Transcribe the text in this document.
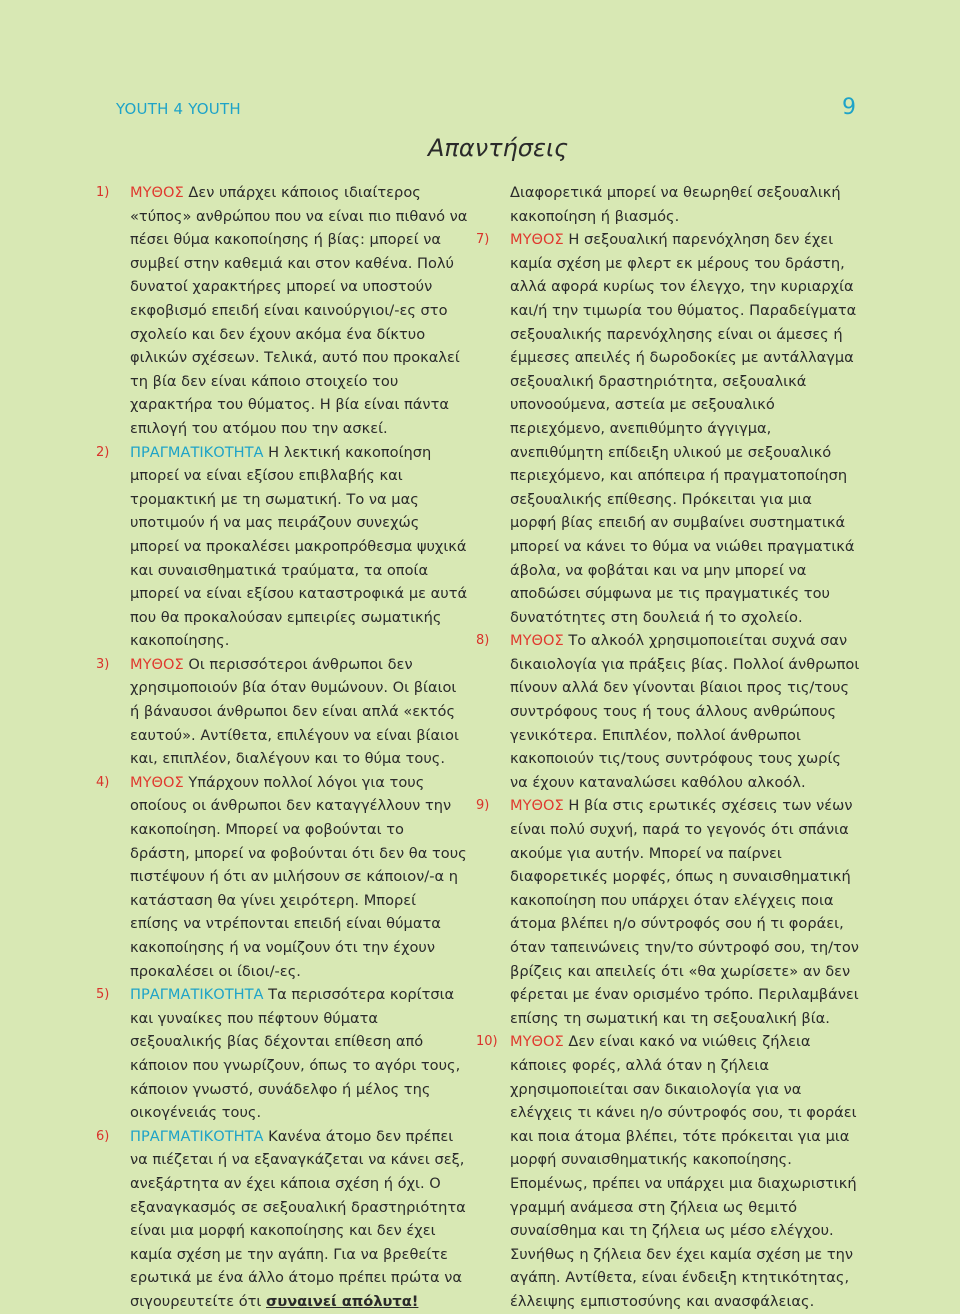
YOUTH 4 YOUTH	9
Απαντήσεις

1) ΜΥΘΟΣ Δεν υπάρχει κάποιος ιδιαίτερος «τύπος» ανθρώπου που να είναι πιο πιθανό να πέσει θύμα κακοποίησης ή βίας: μπορεί να συμβεί στην καθεμιά και στον καθένα. Πολύ δυνατοί χαρακτήρες μπορεί να υποστούν εκφοβισμό επειδή είναι καινούργιοι/-ες στο σχολείο και δεν έχουν ακόμα ένα δίκτυο φιλικών σχέσεων. Τελικά, αυτό που προκαλεί τη βία δεν είναι κάποιο στοιχείο του χαρακτήρα του θύματος. Η βία είναι πάντα επιλογή του ατόμου που την ασκεί.

2) ΠΡΑΓΜΑΤΙΚΟΤΗΤΑ Η λεκτική κακοποίηση μπορεί να είναι εξίσου επιβλαβής και τρομακτική με τη σωματική. Το να μας υποτιμούν ή να μας πειράζουν συνεχώς μπορεί να προκαλέσει μακροπρόθεσμα ψυχικά και συναισθηματικά τραύματα, τα οποία μπορεί να είναι εξίσου καταστροφικά με αυτά που θα προκαλούσαν εμπειρίες σωματικής κακοποίησης.

3) ΜΥΘΟΣ Οι περισσότεροι άνθρωποι δεν χρησιμοποιούν βία όταν θυμώνουν. Οι βίαιοι ή βάναυσοι άνθρωποι δεν είναι απλά «εκτός εαυτού». Αντίθετα, επιλέγουν να είναι βίαιοι και, επιπλέον, διαλέγουν και το θύμα τους.

4) ΜΥΘΟΣ Υπάρχουν πολλοί λόγοι για τους οποίους οι άνθρωποι δεν καταγγέλλουν την κακοποίηση. Μπορεί να φοβούνται το δράστη, μπορεί να φοβούνται ότι δεν θα τους πιστέψουν ή ότι αν μιλήσουν σε κάποιον/-α η κατάσταση θα γίνει χειρότερη. Μπορεί επίσης να ντρέπονται επειδή είναι θύματα κακοποίησης ή να νομίζουν ότι την έχουν προκαλέσει οι ίδιοι/-ες.

5) ΠΡΑΓΜΑΤΙΚΟΤΗΤΑ Τα περισσότερα κορίτσια και γυναίκες που πέφτουν θύματα σεξουαλικής βίας δέχονται επίθεση από κάποιον που γνωρίζουν, όπως το αγόρι τους, κάποιον γνωστό, συνάδελφο ή μέλος της οικογένειάς τους.

6) ΠΡΑΓΜΑΤΙΚΟΤΗΤΑ Κανένα άτομο δεν πρέπει να πιέζεται ή να εξαναγκάζεται να κάνει σεξ, ανεξάρτητα αν έχει κάποια σχέση ή όχι. Ο εξαναγκασμός σε σεξουαλική δραστηριότητα είναι μια μορφή κακοποίησης και δεν έχει καμία σχέση με την αγάπη. Για να βρεθείτε ερωτικά με ένα άλλο άτομο πρέπει πρώτα να σιγουρευτείτε ότι συναινεί απόλυτα!

Διαφορετικά μπορεί να θεωρηθεί σεξουαλική κακοποίηση ή βιασμός.

7) ΜΥΘΟΣ Η σεξουαλική παρενόχληση δεν έχει καμία σχέση με φλερτ εκ μέρους του δράστη, αλλά αφορά κυρίως τον έλεγχο, την κυριαρχία και/ή την τιμωρία του θύματος. Παραδείγματα σεξουαλικής παρενόχλησης είναι οι άμεσες ή έμμεσες απειλές ή δωροδοκίες με αντάλλαγμα σεξουαλική δραστηριότητα, σεξουαλικά υπονοούμενα, αστεία με σεξουαλικό περιεχόμενο, ανεπιθύμητο άγγιγμα, ανεπιθύμητη επίδειξη υλικού με σεξουαλικό περιεχόμενο, και απόπειρα ή πραγματοποίηση σεξουαλικής επίθεσης. Πρόκειται για μια μορφή βίας επειδή αν συμβαίνει συστηματικά μπορεί να κάνει το θύμα να νιώθει πραγματικά άβολα, να φοβάται και να μην μπορεί να αποδώσει σύμφωνα με τις πραγματικές του δυνατότητες στη δουλειά ή το σχολείο.

8) ΜΥΘΟΣ Το αλκοόλ χρησιμοποιείται συχνά σαν δικαιολογία για πράξεις βίας. Πολλοί άνθρωποι πίνουν αλλά δεν γίνονται βίαιοι προς τις/τους συντρόφους τους ή τους άλλους ανθρώπους γενικότερα. Επιπλέον, πολλοί άνθρωποι κακοποιούν τις/τους συντρόφους τους χωρίς να έχουν καταναλώσει καθόλου αλκοόλ.

9) ΜΥΘΟΣ Η βία στις ερωτικές σχέσεις των νέων είναι πολύ συχνή, παρά το γεγονός ότι σπάνια ακούμε για αυτήν. Μπορεί να παίρνει διαφορετικές μορφές, όπως η συναισθηματική κακοποίηση που υπάρχει όταν ελέγχεις ποια άτομα βλέπει η/ο σύντροφός σου ή τι φοράει, όταν ταπεινώνεις την/το σύντροφό σου, τη/τον βρίζεις και απειλείς ότι «θα χωρίσετε» αν δεν φέρεται με έναν ορισμένο τρόπο. Περιλαμβάνει επίσης τη σωματική και τη σεξουαλική βία.

10) ΜΥΘΟΣ Δεν είναι κακό να νιώθεις ζήλεια κάποιες φορές, αλλά όταν η ζήλεια χρησιμοποιείται σαν δικαιολογία για να ελέγχεις τι κάνει η/ο σύντροφός σου, τι φοράει και ποια άτομα βλέπει, τότε πρόκειται για μια μορφή συναισθηματικής κακοποίησης. Επομένως, πρέπει να υπάρχει μια διαχωριστική γραμμή ανάμεσα στη ζήλεια ως θεμιτό συναίσθημα και τη ζήλεια ως μέσο ελέγχου. Συνήθως η ζήλεια δεν έχει καμία σχέση με την αγάπη. Αντίθετα, είναι ένδειξη κτητικότητας, έλλειψης εμπιστοσύνης και ανασφάλειας.
